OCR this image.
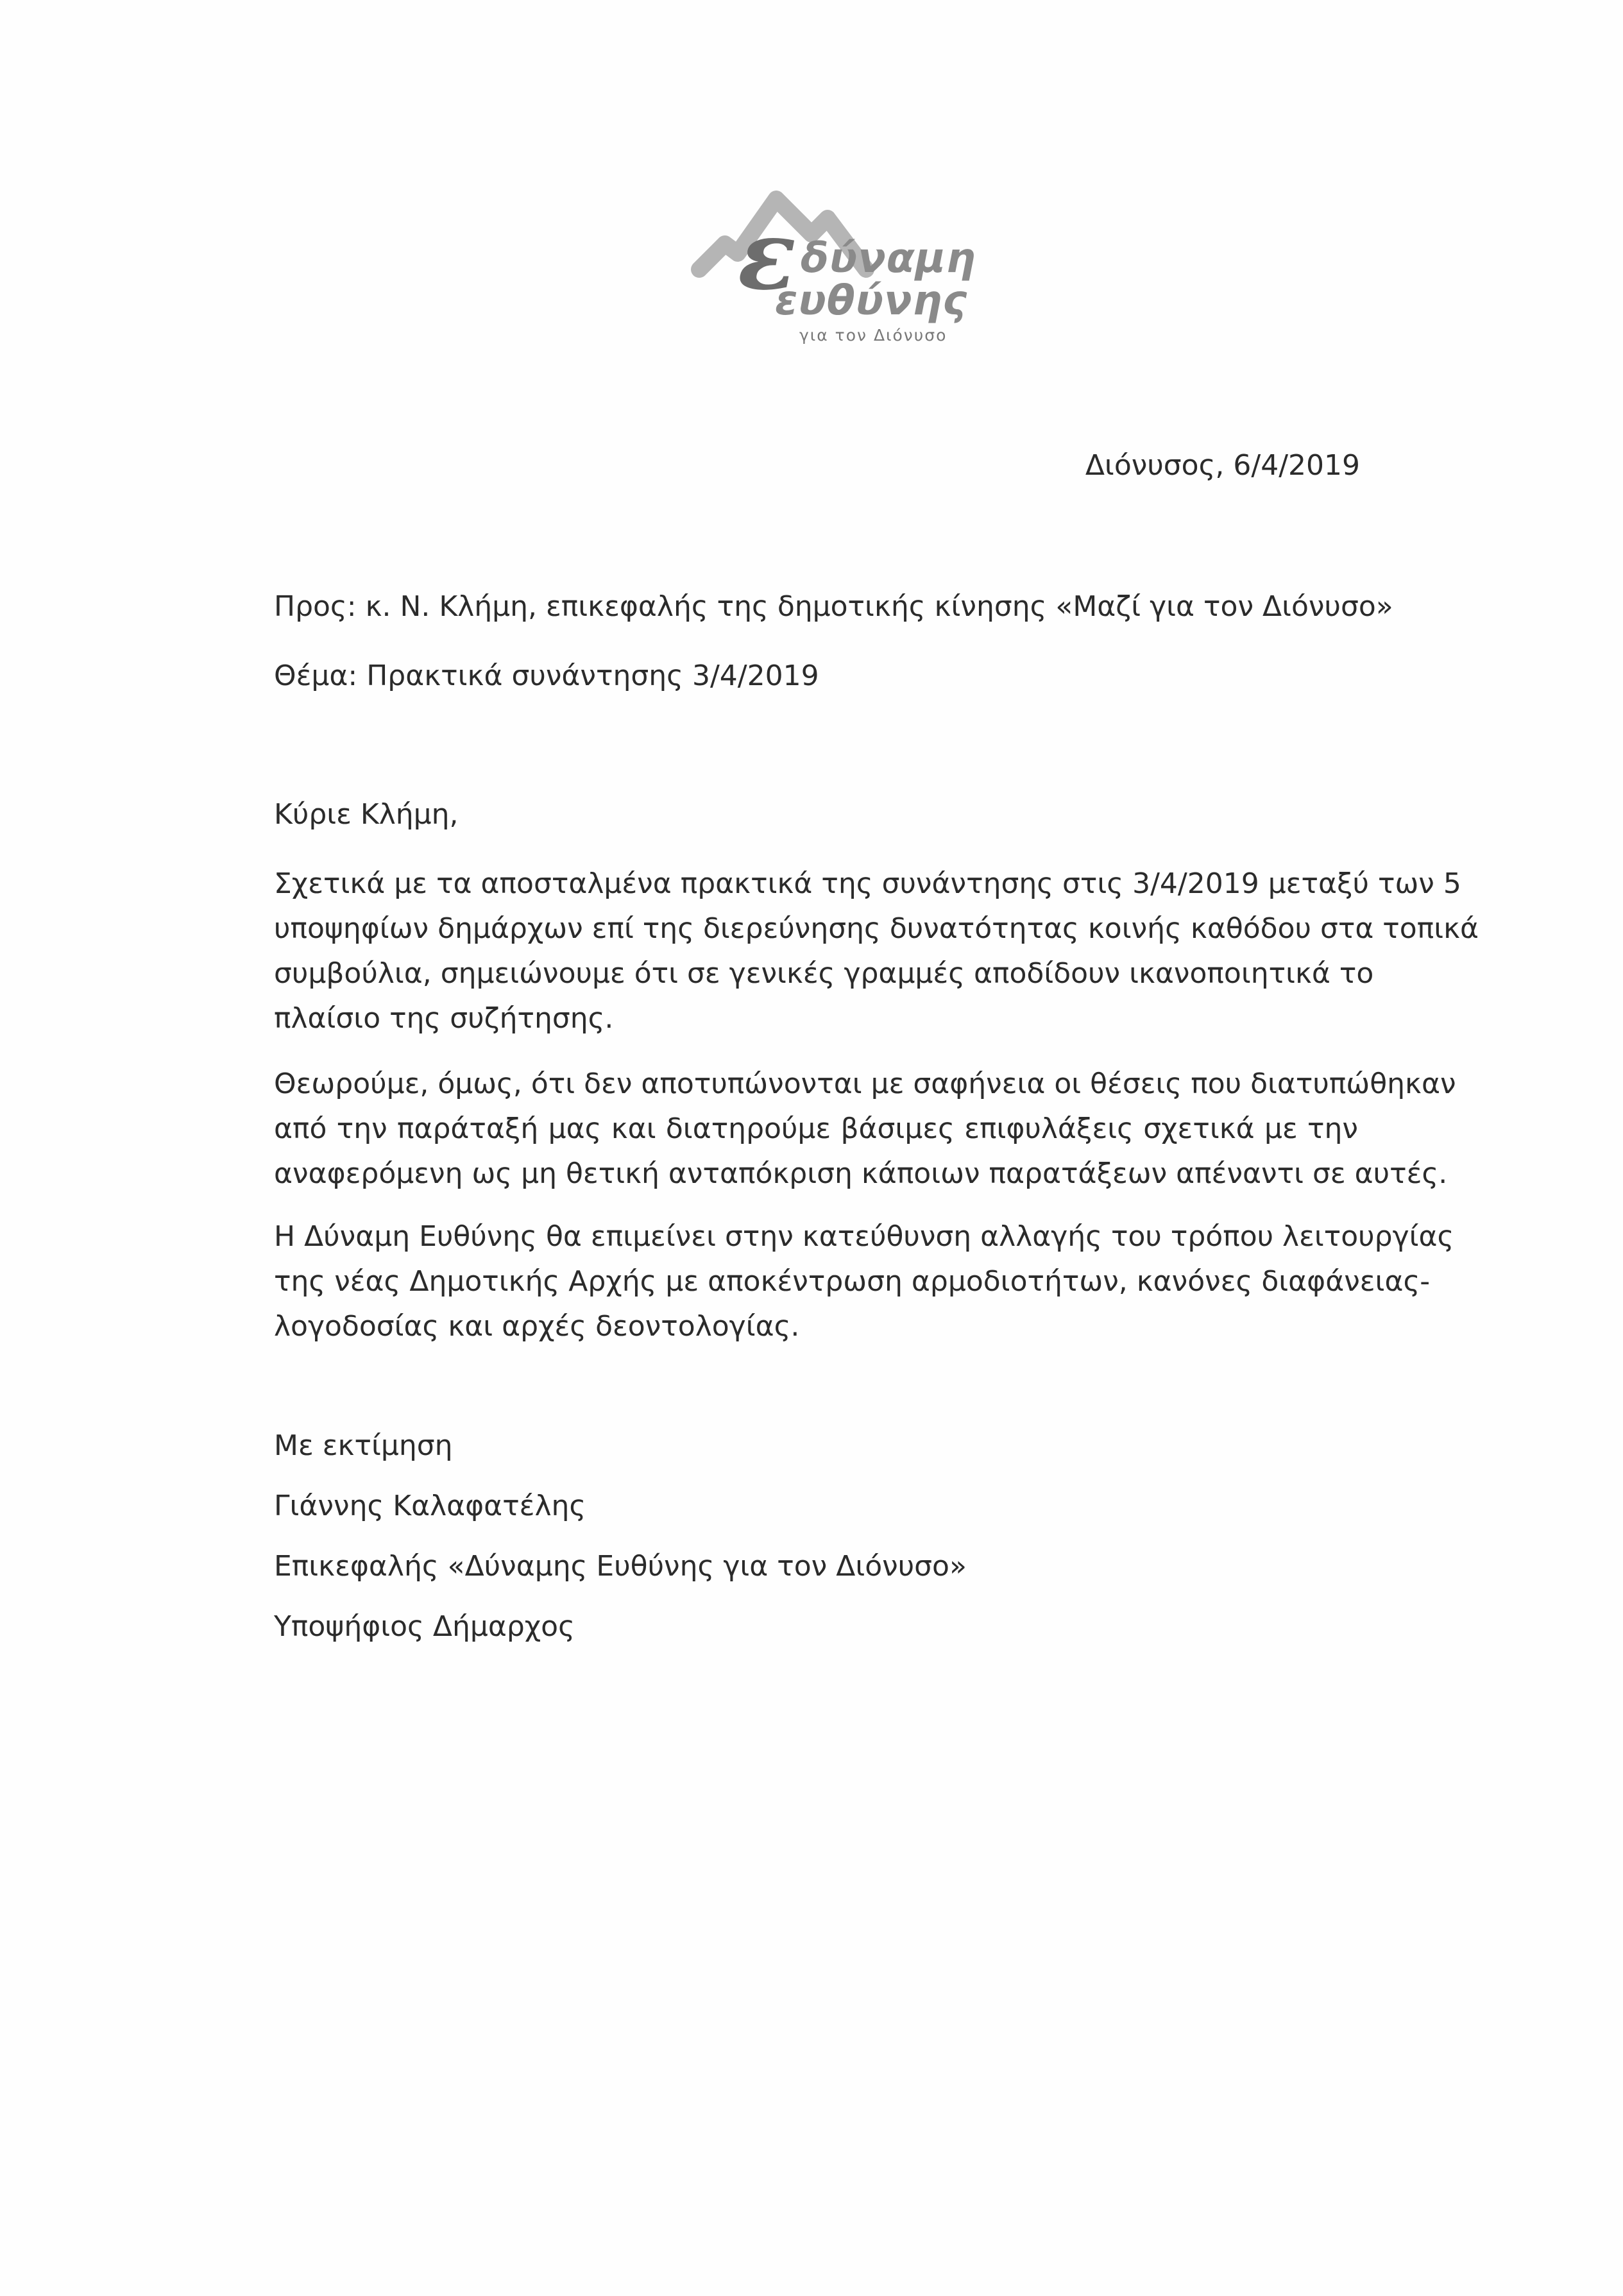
ε δύναμη
ευθύνης
για τον Διόνυσο
Διόνυσος, 6/4/2019
Προς: κ. Ν. Κλήμη, επικεφαλής της δημοτικής κίνησης «Μαζί για τον Διόνυσο»
Θέμα: Πρακτικά συνάντησης 3/4/2019
Κύριε Κλήμη,
Σχετικά με τα αποσταλμένα πρακτικά της συνάντησης στις 3/4/2019 μεταξύ των 5
υποψηφίων δημάρχων επί της διερεύνησης δυνατότητας κοινής καθόδου στα τοπικά
συμβούλια, σημειώνουμε ότι σε γενικές γραμμές αποδίδουν ικανοποιητικά το
πλαίσιο της συζήτησης.
Θεωρούμε, όμως, ότι δεν αποτυπώνονται με σαφήνεια οι θέσεις που διατυπώθηκαν
από την παράταξή μας και διατηρούμε βάσιμες επιφυλάξεις σχετικά με την
αναφερόμενη ως μη θετική ανταπόκριση κάποιων παρατάξεων απέναντι σε αυτές.
Η Δύναμη Ευθύνης θα επιμείνει στην κατεύθυνση αλλαγής του τρόπου λειτουργίας
της νέας Δημοτικής Αρχής με αποκέντρωση αρμοδιοτήτων, κανόνες διαφάνειας-
λογοδοσίας και αρχές δεοντολογίας.
Με εκτίμηση
Γιάννης Καλαφατέλης
Επικεφαλής «Δύναμης Ευθύνης για τον Διόνυσο»
Υποψήφιος Δήμαρχος
